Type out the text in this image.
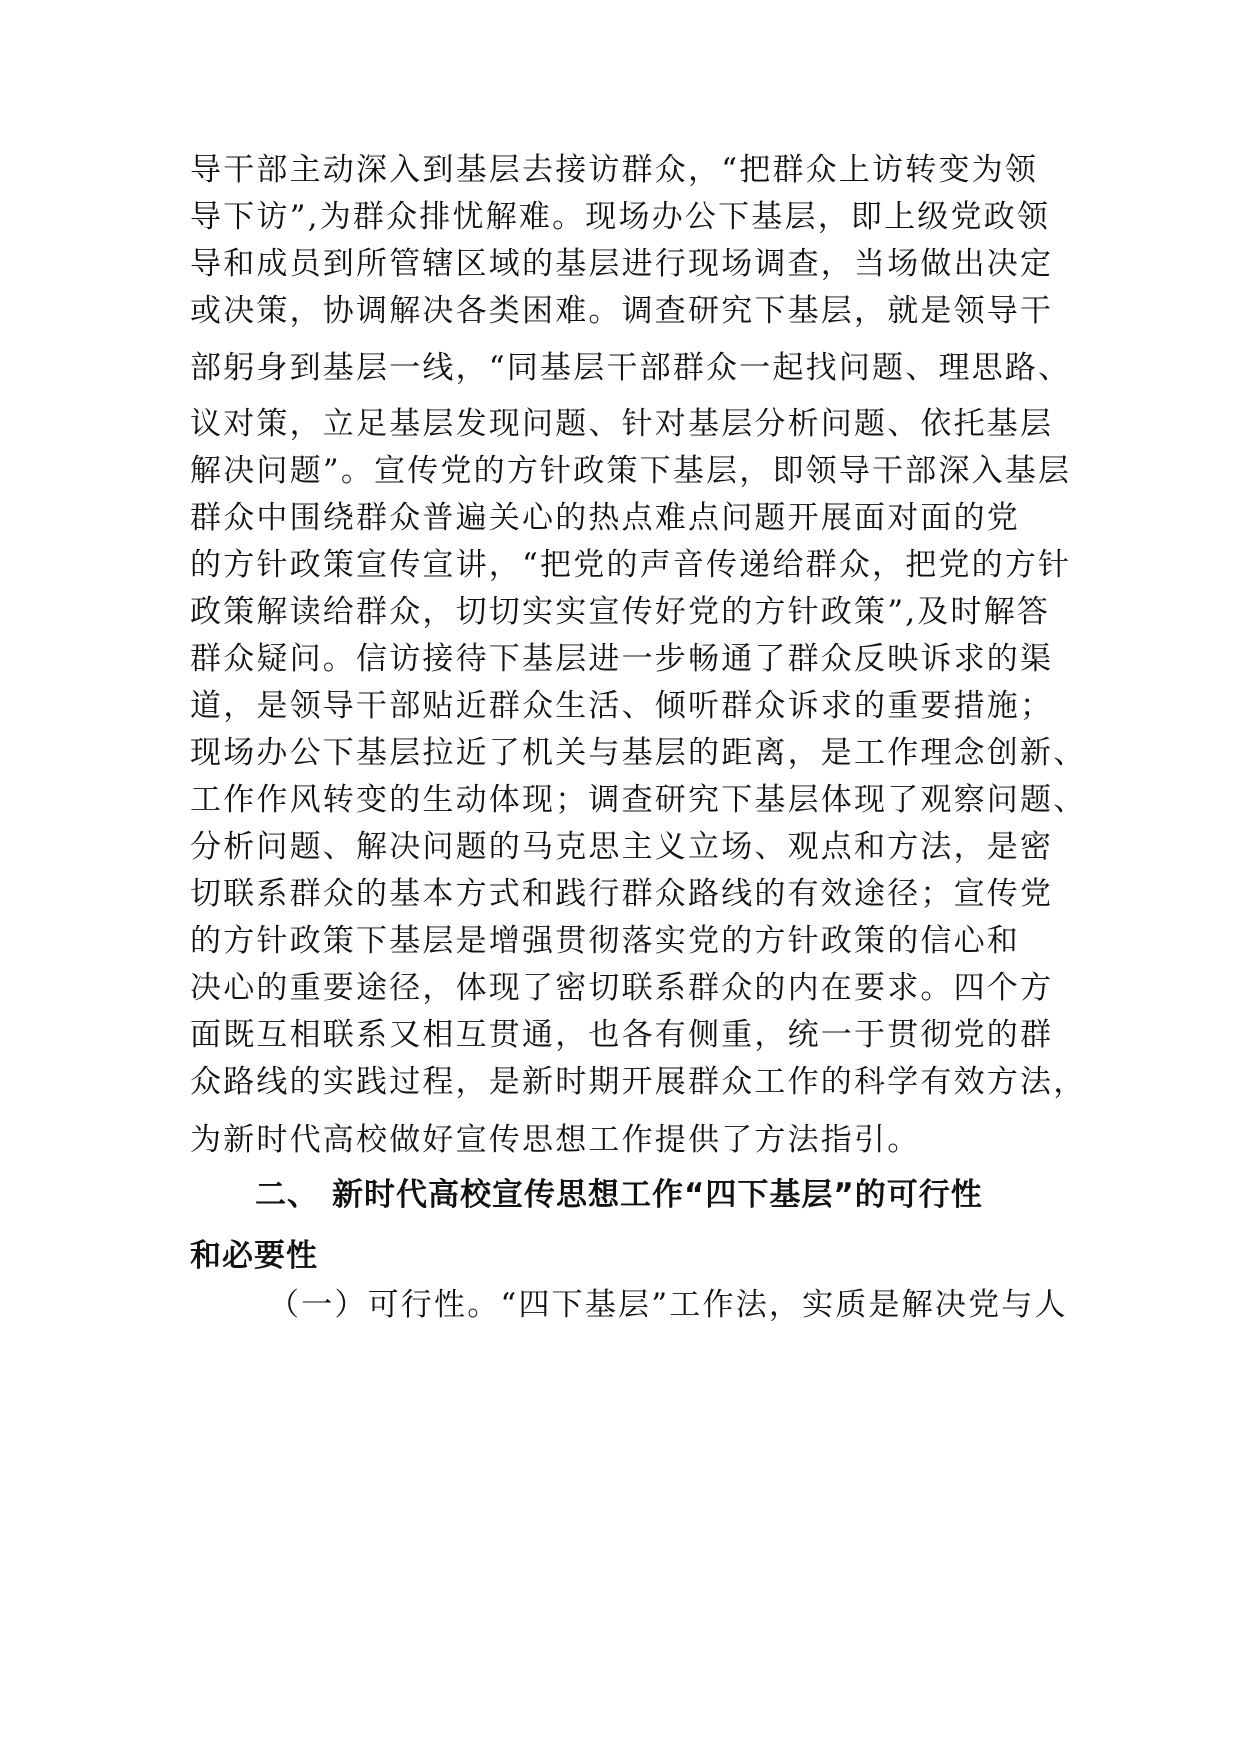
导干部主动深入到基层去接访群众，“把群众上访转变为领
导下访”,为群众排忧解难。现场办公下基层，即上级党政领
导和成员到所管辖区域的基层进行现场调查，当场做出决定
或决策，协调解决各类困难。调查研究下基层，就是领导干
部躬身到基层一线，“同基层干部群众一起找问题、理思路、
议对策，立足基层发现问题、针对基层分析问题、依托基层
解决问题”。宣传党的方针政策下基层，即领导干部深入基层
群众中围绕群众普遍关心的热点难点问题开展面对面的党
的方针政策宣传宣讲，“把党的声音传递给群众，把党的方针
政策解读给群众，切切实实宣传好党的方针政策”,及时解答
群众疑问。信访接待下基层进一步畅通了群众反映诉求的渠
道，是领导干部贴近群众生活、倾听群众诉求的重要措施；
现场办公下基层拉近了机关与基层的距离，是工作理念创新、
工作作风转变的生动体现；调查研究下基层体现了观察问题、
分析问题、解决问题的马克思主义立场、观点和方法，是密
切联系群众的基本方式和践行群众路线的有效途径；宣传党
的方针政策下基层是增强贯彻落实党的方针政策的信心和
决心的重要途径，体现了密切联系群众的内在要求。四个方
面既互相联系又相互贯通，也各有侧重，统一于贯彻党的群
众路线的实践过程，是新时期开展群众工作的科学有效方法，
为新时代高校做好宣传思想工作提供了方法指引。
二、 新时代高校宣传思想工作“四下基层”的可行性
和必要性
（一）可行性。“四下基层”工作法，实质是解决党与人
